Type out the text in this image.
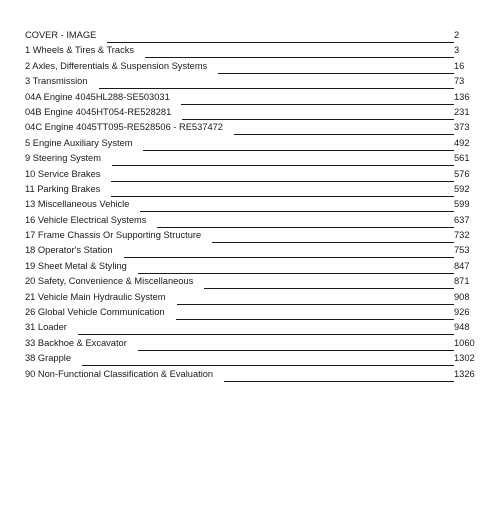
COVER - IMAGE	2
1 Wheels & Tires & Tracks	3
2 Axles, Differentials & Suspension Systems	16
3 Transmission	73
04A Engine 4045HL288-SE503031	136
04B Engine 4045HT054-RE528281	231
04C Engine 4045TT095-RE528506 - RE537472	373
5 Engine Auxiliary System	492
9 Steering System	561
10 Service Brakes	576
11 Parking Brakes	592
13 Miscellaneous Vehicle	599
16 Vehicle Electrical Systems	637
17 Frame Chassis Or Supporting Structure	732
18 Operator's Station	753
19 Sheet Metal & Styling	847
20 Safety, Convenience & Miscellaneous	871
21 Vehicle Main Hydraulic System	908
26 Global Vehicle Communication	926
31 Loader	948
33 Backhoe & Excavator	1060
38 Grapple	1302
90 Non-Functional Classification & Evaluation	1326
